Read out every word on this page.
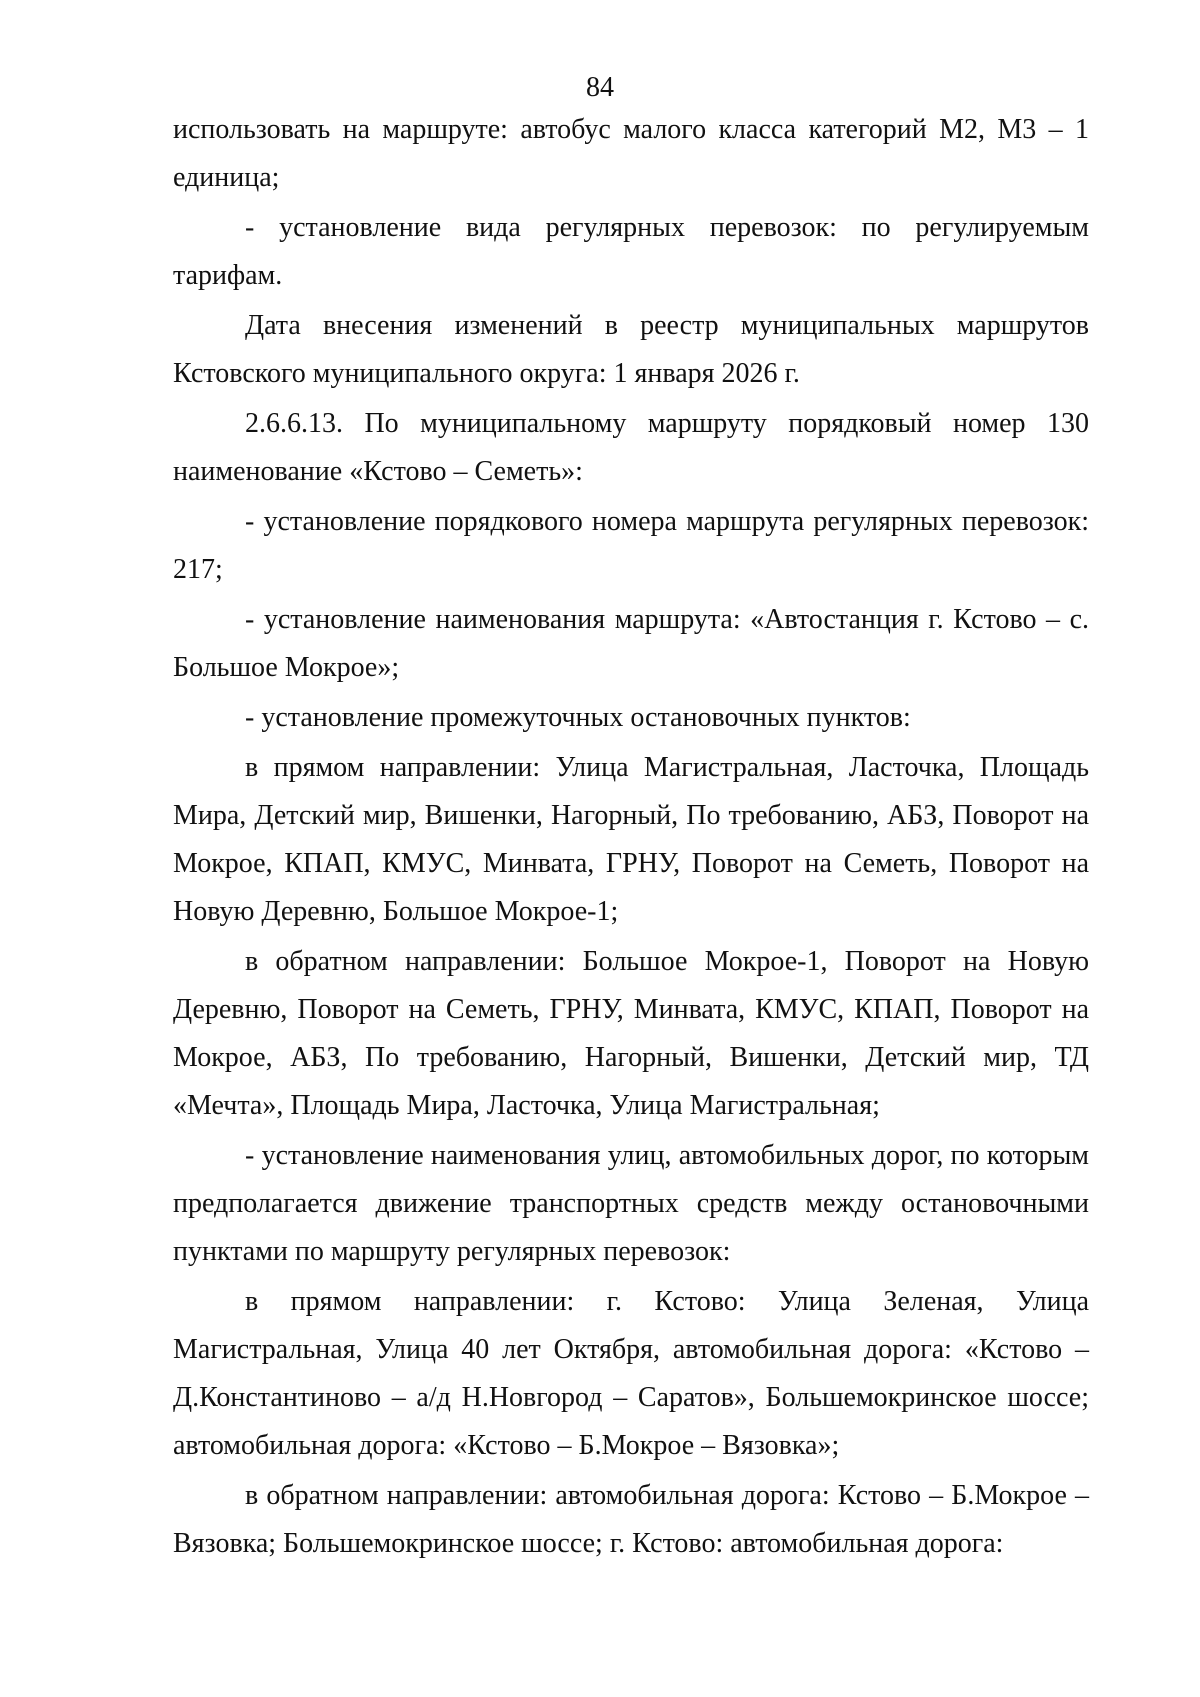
84

использовать на маршруте: автобус малого класса категорий М2, М3 – 1 единица;

- установление вида регулярных перевозок: по регулируемым тарифам.

Дата внесения изменений в реестр муниципальных маршрутов Кстовского муниципального округа: 1 января 2026 г.

2.6.6.13. По муниципальному маршруту порядковый номер 130 наименование «Кстово – Семеть»:

- установление порядкового номера маршрута регулярных перевозок: 217;

- установление наименования маршрута: «Автостанция г. Кстово – с. Большое Мокрое»;

- установление промежуточных остановочных пунктов:

в прямом направлении: Улица Магистральная, Ласточка, Площадь Мира, Детский мир, Вишенки, Нагорный, По требованию, АБЗ, Поворот на Мокрое, КПАП, КМУС, Минвата, ГРНУ, Поворот на Семеть, Поворот на Новую Деревню, Большое Мокрое-1;

в обратном направлении: Большое Мокрое-1, Поворот на Новую Деревню, Поворот на Семеть, ГРНУ, Минвата, КМУС, КПАП, Поворот на Мокрое, АБЗ, По требованию, Нагорный, Вишенки, Детский мир, ТД «Мечта», Площадь Мира, Ласточка, Улица Магистральная;

- установление наименования улиц, автомобильных дорог, по которым предполагается движение транспортных средств между остановочными пунктами по маршруту регулярных перевозок:

в прямом направлении: г. Кстово: Улица Зеленая, Улица Магистральная, Улица 40 лет Октября, автомобильная дорога: «Кстово –Д.Константиново – а/д Н.Новгород – Саратов», Большемокринское шоссе; автомобильная дорога: «Кстово – Б.Мокрое – Вязовка»;

в обратном направлении: автомобильная дорога: Кстово – Б.Мокрое – Вязовка; Большемокринское шоссе; г. Кстово: автомобильная дорога:
